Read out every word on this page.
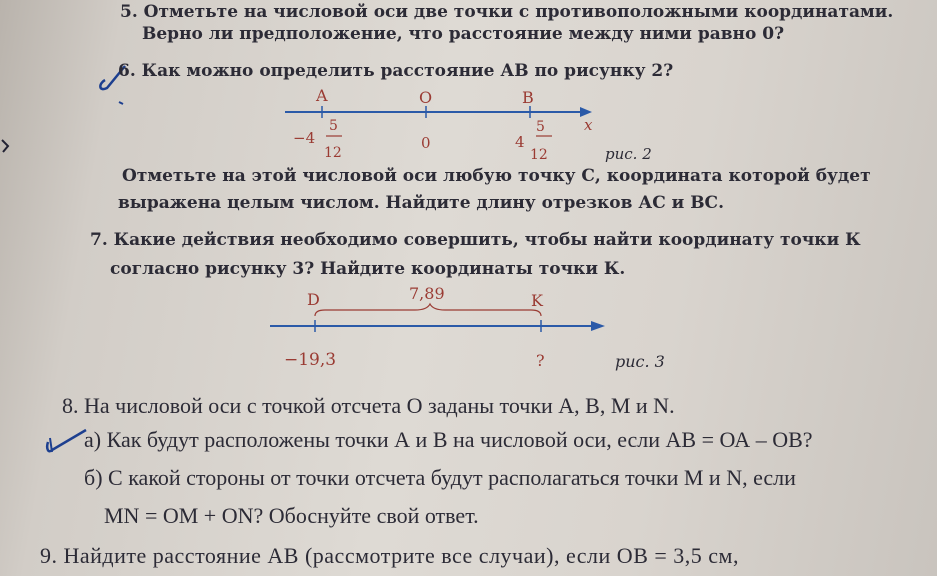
5. Отметьте на числовой оси две точки с противоположными координатами.
Верно ли предположение, что расстояние между ними равно 0?
6. Как можно определить расстояние АВ по рисунку 2?
A	O	B
−4
5
12
0	4
5
12
x
рис. 2
Отметьте на этой числовой оси любую точку С, координата которой будет
выражена целым числом. Найдите длину отрезков АС и ВС.
7. Какие действия необходимо совершить, чтобы найти координату точки К
согласно рисунку 3? Найдите координаты точки К.
D	7,89	K
−19,3	?	рис. 3
8. На числовой оси с точкой отсчета О заданы точки А, В, М и N.
а) Как будут расположены точки А и В на числовой оси, если АВ = ОА – ОВ?
б) С какой стороны от точки отсчета будут располагаться точки М и N, если
MN = OM + ON? Обоснуйте свой ответ.
9. Найдите расстояние АВ (рассмотрите все случаи), если ОВ = 3,5 см,
